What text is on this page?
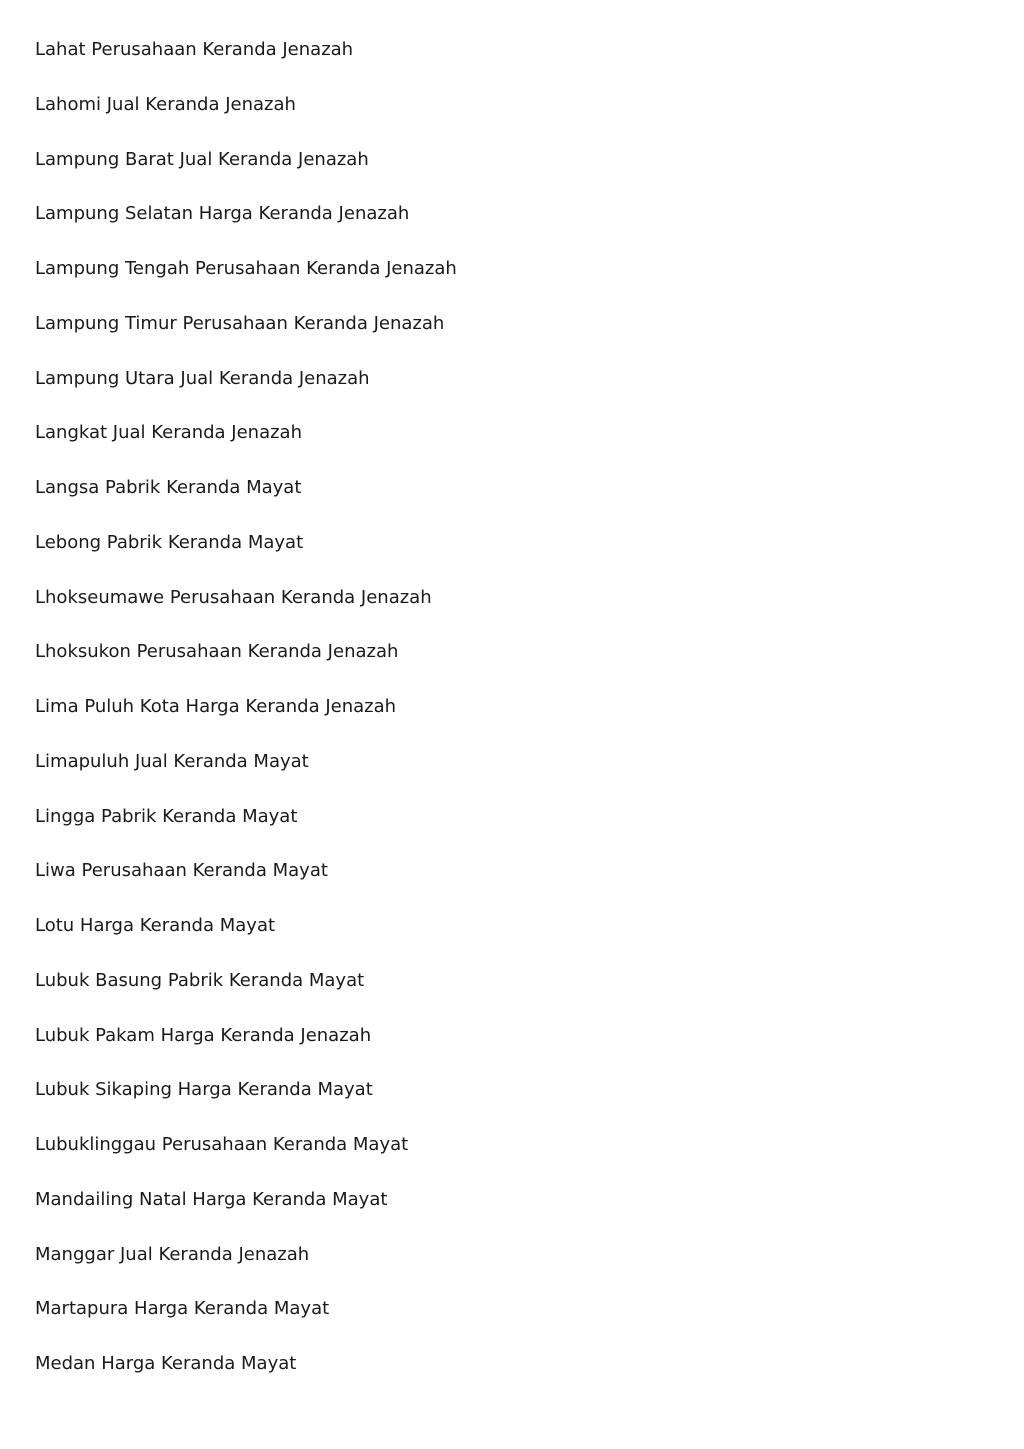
Lahat Perusahaan Keranda Jenazah
Lahomi Jual Keranda Jenazah
Lampung Barat Jual Keranda Jenazah
Lampung Selatan Harga Keranda Jenazah
Lampung Tengah Perusahaan Keranda Jenazah
Lampung Timur Perusahaan Keranda Jenazah
Lampung Utara Jual Keranda Jenazah
Langkat Jual Keranda Jenazah
Langsa Pabrik Keranda Mayat
Lebong Pabrik Keranda Mayat
Lhokseumawe Perusahaan Keranda Jenazah
Lhoksukon Perusahaan Keranda Jenazah
Lima Puluh Kota Harga Keranda Jenazah
Limapuluh Jual Keranda Mayat
Lingga Pabrik Keranda Mayat
Liwa Perusahaan Keranda Mayat
Lotu Harga Keranda Mayat
Lubuk Basung Pabrik Keranda Mayat
Lubuk Pakam Harga Keranda Jenazah
Lubuk Sikaping Harga Keranda Mayat
Lubuklinggau Perusahaan Keranda Mayat
Mandailing Natal Harga Keranda Mayat
Manggar Jual Keranda Jenazah
Martapura Harga Keranda Mayat
Medan Harga Keranda Mayat
